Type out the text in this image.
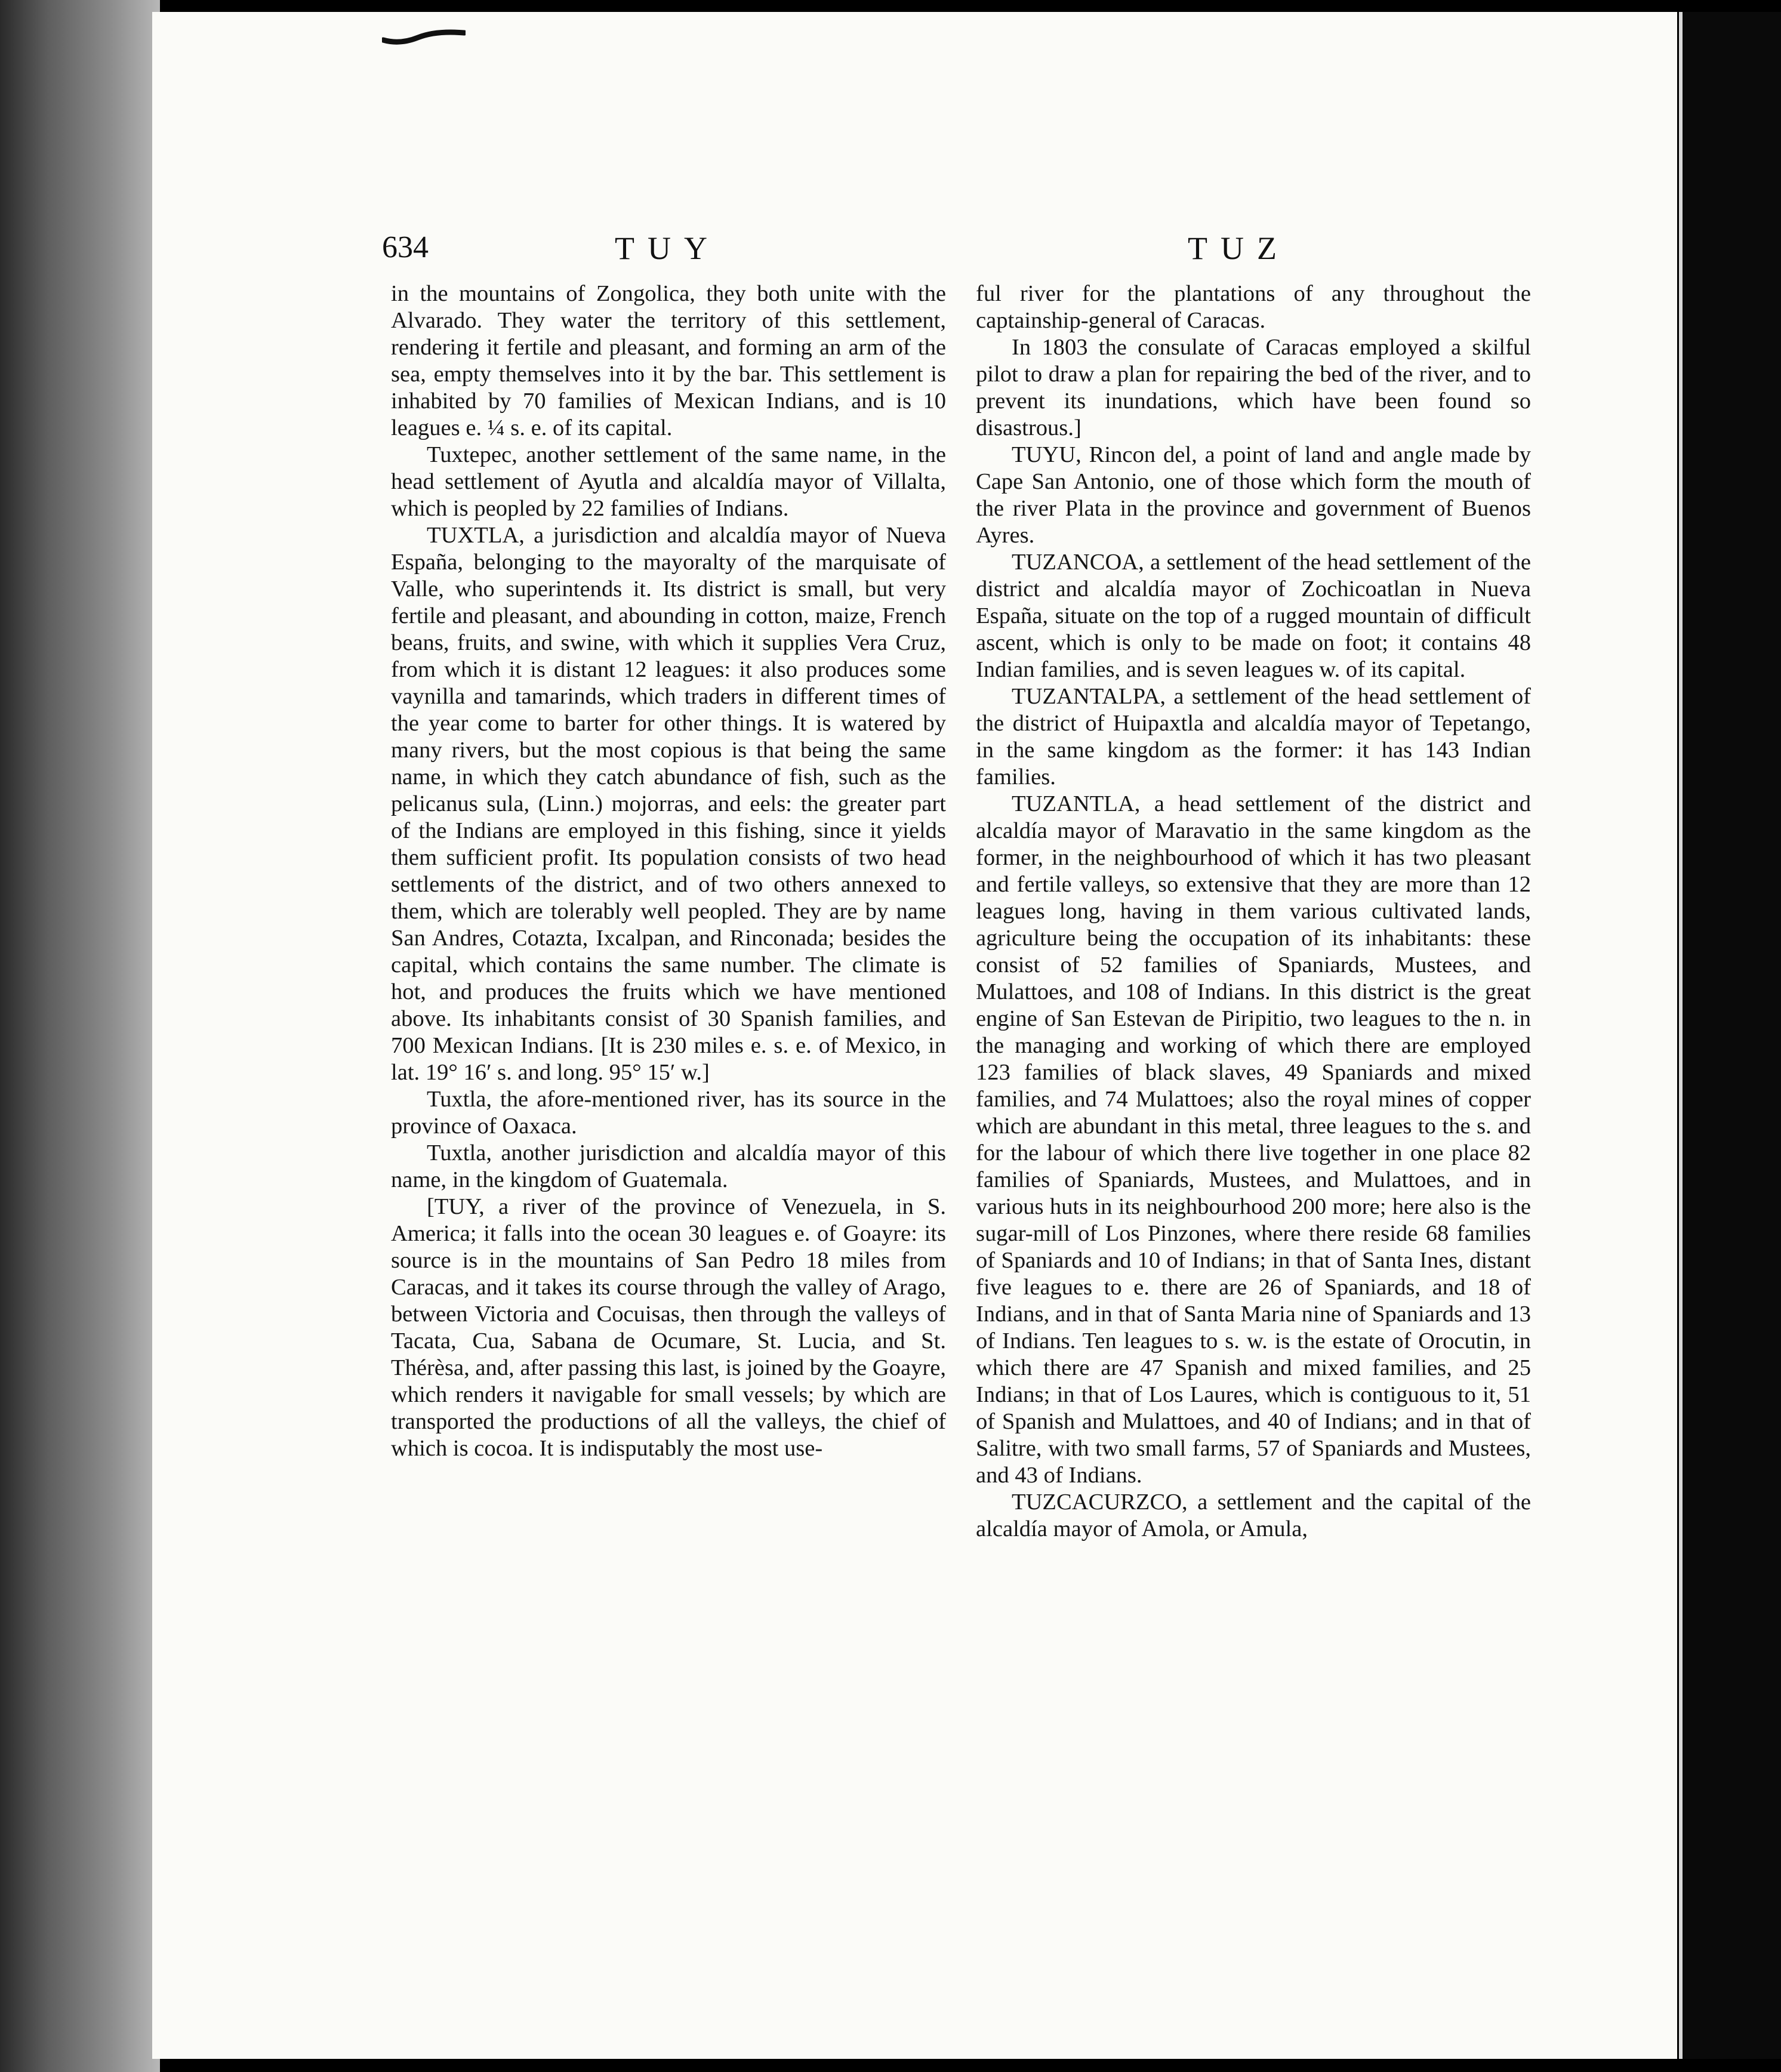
634	TUY	TUZ

in the mountains of Zongolica, they both unite with the Alvarado. They water the territory of this settlement, rendering it fertile and pleasant, and forming an arm of the sea, empty themselves into it by the bar. This settlement is inhabited by 70 families of Mexican Indians, and is 10 leagues e. ¼ s. e. of its capital.

Tuxtepec, another settlement of the same name, in the head settlement of Ayutla and alcaldía mayor of Villalta, which is peopled by 22 families of Indians.

TUXTLA, a jurisdiction and alcaldía mayor of Nueva España, belonging to the mayoralty of the marquisate of Valle, who superintends it. Its district is small, but very fertile and pleasant, and abounding in cotton, maize, French beans, fruits, and swine, with which it supplies Vera Cruz, from which it is distant 12 leagues: it also produces some vaynilla and tamarinds, which traders in different times of the year come to barter for other things. It is watered by many rivers, but the most copious is that being the same name, in which they catch abundance of fish, such as the pelicanus sula, (Linn.) mojorras, and eels: the greater part of the Indians are employed in this fishing, since it yields them sufficient profit. Its population consists of two head settlements of the district, and of two others annexed to them, which are tolerably well peopled. They are by name San Andres, Cotazta, Ixcalpan, and Rinconada; besides the capital, which contains the same number. The climate is hot, and produces the fruits which we have mentioned above. Its inhabitants consist of 30 Spanish families, and 700 Mexican Indians. [It is 230 miles e. s. e. of Mexico, in lat. 19° 16′ s. and long. 95° 15′ w.]

Tuxtla, the afore-mentioned river, has its source in the province of Oaxaca.

Tuxtla, another jurisdiction and alcaldía mayor of this name, in the kingdom of Guatemala.

[TUY, a river of the province of Venezuela, in S. America; it falls into the ocean 30 leagues e. of Goayre: its source is in the mountains of San Pedro 18 miles from Caracas, and it takes its course through the valley of Arago, between Victoria and Cocuisas, then through the valleys of Tacata, Cua, Sabana de Ocumare, St. Lucia, and St. Thérèsa, and, after passing this last, is joined by the Goayre, which renders it navigable for small vessels; by which are transported the productions of all the valleys, the chief of which is cocoa. It is indisputably the most use-

ful river for the plantations of any throughout the captainship-general of Caracas.

In 1803 the consulate of Caracas employed a skilful pilot to draw a plan for repairing the bed of the river, and to prevent its inundations, which have been found so disastrous.]

TUYU, Rincon del, a point of land and angle made by Cape San Antonio, one of those which form the mouth of the river Plata in the province and government of Buenos Ayres.

TUZANCOA, a settlement of the head settlement of the district and alcaldía mayor of Zochicoatlan in Nueva España, situate on the top of a rugged mountain of difficult ascent, which is only to be made on foot; it contains 48 Indian families, and is seven leagues w. of its capital.

TUZANTALPA, a settlement of the head settlement of the district of Huipaxtla and alcaldía mayor of Tepetango, in the same kingdom as the former: it has 143 Indian families.

TUZANTLA, a head settlement of the district and alcaldía mayor of Maravatio in the same kingdom as the former, in the neighbourhood of which it has two pleasant and fertile valleys, so extensive that they are more than 12 leagues long, having in them various cultivated lands, agriculture being the occupation of its inhabitants: these consist of 52 families of Spaniards, Mustees, and Mulattoes, and 108 of Indians. In this district is the great engine of San Estevan de Piripitio, two leagues to the n. in the managing and working of which there are employed 123 families of black slaves, 49 Spaniards and mixed families, and 74 Mulattoes; also the royal mines of copper which are abundant in this metal, three leagues to the s. and for the labour of which there live together in one place 82 families of Spaniards, Mustees, and Mulattoes, and in various huts in its neighbourhood 200 more; here also is the sugar-mill of Los Pinzones, where there reside 68 families of Spaniards and 10 of Indians; in that of Santa Ines, distant five leagues to e. there are 26 of Spaniards, and 18 of Indians, and in that of Santa Maria nine of Spaniards and 13 of Indians. Ten leagues to s. w. is the estate of Orocutin, in which there are 47 Spanish and mixed families, and 25 Indians; in that of Los Laures, which is contiguous to it, 51 of Spanish and Mulattoes, and 40 of Indians; and in that of Salitre, with two small farms, 57 of Spaniards and Mustees, and 43 of Indians.

TUZCACURZCO, a settlement and the capital of the alcaldía mayor of Amola, or Amula,
